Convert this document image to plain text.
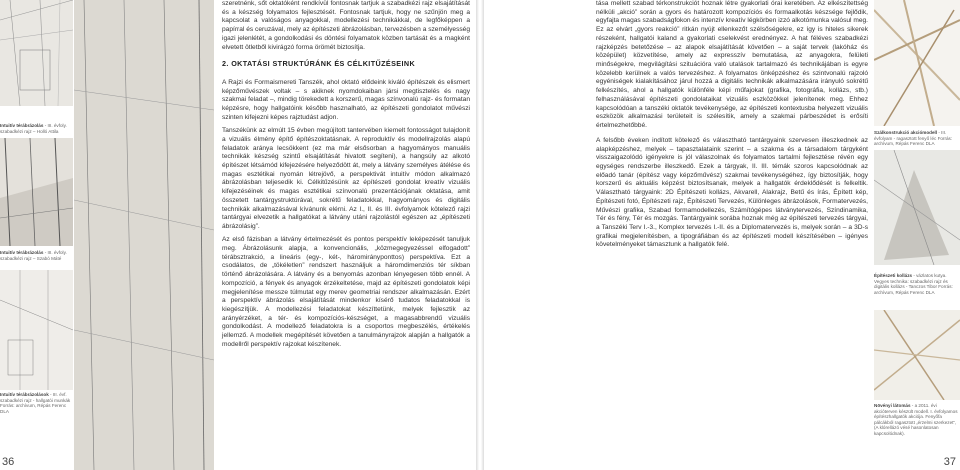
Intuitív térábrázolás - III. évfoly. szabadkézi rajz – Holló Attila
Intuitív térábrázolás - III. évfoly. szabadkézi rajz – Szabó Máté
Intuitív térábrázolások - III. évf. szabadkézi rajz - hallgatói munkák Forrás: archívum, Répás Ferenc DLA

szeretnénk, sőt oktatóként rendkívül fontosnak tartjuk a szabadkézi rajz elsajátítását és a készség folyamatos fejlesztését. Fontosnak tartjuk, hogy ne szűnjön meg a kapcsolat a valóságos anyagokkal, modellezési technikákkal, de legfőképpen a papírral és ceruzával, mely az építészeti ábrázolásban, tervezésben a személyesség igazi jelenlétét, a gondolkodási és döntési folyamatok közben tartását és a magként elvetett ötletből kivirágzó forma örömét biztosítja.

2. OKTATÁSI STRUKTÚRÁNK ÉS CÉLKITŰZÉSEINK

A Rajzi és Formaismereti Tanszék, ahol oktató elődeink kiváló építészek és elismert képzőművészek voltak – s akiknek nyomdokaiban jársi megtisztelés és nagy szakmai feladat –, mindig törekedett a korszerű, magas színvonalú rajz- és formatan képzésre, hogy hallgatóink később hasznalható, az építészeti gondolatot művészi szinten kifejezni képes rajztudást adjon.

Tanszékünk az elmúlt 15 évben megújított tantervében kiemelt fontosságot tulajdonít a vizuális élmény építő építészoktatásnak. A reproduktív és modellrajzolás alapú feladatok aránya lecsökkent (ez ma már elsősorban a hagyományos manuális technikák készség szintű elsajátítását hivatott segíteni), a hangsúly az alkotó építészet létsámód kifejezésére helyeződött át, mely a látvány személyes átélése és magas esztétikai nyomán létrejövő, a perspektivát intuitív módon alkalmazó ábrázolásban teljesedik ki. Célkitűzésünk az építészeti gondolat kreatív vizuális kifejezéséinek és magas esztétikai színvonalú prezentációjának oktatása, amit összetett tantárgystruktúrával, sokrétű feladatokkal, hagyományos és digitális technikák alkalmazásával kívánunk elérni. Az I., II. és III. évfolyamok kötelező rajzi tantárgyai elvezetik a hallgatókat a látvány utáni rajzolástól egészen az „építészeti ábrázolásig”.

Az első fázisban a látvány értelmezését és pontos perspektív leképezését tanuljuk meg. Ábrázolásunk alapja, a konvencionális, „közmegegyezéssel elfogadott” térábsztrakció, a lineáris (egy-, két-, háromirányponttos) perspektíva. Ezt a csodálatos, de „tökéletlen” rendszert használjuk a háromdimenziós tér síkban történő ábrázolására. A látvány és a benyomás azonban lényegesen több ennél. A kompozíció, a fények és anyagok érzékeltetése, majd az építészeti gondolatok képi megjelenítése messze túlmutat egy merev geometriai rendszer alkalmazásán. Ezért a perspektív ábrázolás elsajátítását mindenkor kísérő tudatos feladatokkal is kiegészítjük. A modellezési feladatokat készíttetünk, melyek fejlesztik az arányérzéket, a tér- és kompozíciós-készséget, a magasabbrendű vizuális gondolkodást. A modellező feladatokra is a csoportos megbeszélés, értékelés jellemző. A modellek megépítését követően a tanulmányrajzok alapján a hallgatók a modellről perspektív rajzokat készítenek.

36

tása mellett szabad térkonstrukciót hoznak létre gyakorlati órai keretében. Az elkészítettség nélküli „akció” során a gyors és határozott kompozíciós és formaalkotás készsége fejlődik, egyfajta magas szabadságfokon és intenzív kreatív légkörben izzó alkotómunka valósul meg. Ez az elvárt „gyors reakció” ritkán nyújt ellenkezőt szélsőségekre, ez így is hiteles sikerek részeként, hallgatói kaland a gyakorlati cselekvést erednényez. A hat féléves szabadkézi rajzképzés betetőzése – az alapok elsajátítását követően – a saját tervek (lakóház és középület) közvetítése, amely az expresszív bemutatása, az anyagokra, felületi minőségekre, megvilágítási szituációra való utalások tartalmazó és technikájában is egyre közelebb kerülnek a valós tervezéshez. A folyamatos önképzéshez és szintvonalú rajzoló egyéniségek kialakításához járul hozzá a digitális technikák alkalmazására irányuló sokrétű felkészítés, ahol a hallgatók különféle képi műfajokat (grafika, fotográfia, kollázs, stb.) felhasználásával építészeti gondolataikat vizuális eszközökkel jelenítenek meg. Ehhez kapcsolódóan a tanszéki oktatók tevékenysége, az építészeti kontextusba helyezett vizuális eszközök alkalmazási területeit is szélesítik, amely a szakmai párbeszédet is erősíti értelmezhetőbbé.

A felsőbb éveken indított kötelező és választható tantárgyaink szervesen illeszkednek az alapképzéshez, melyek – tapasztalataink szerint – a szakma és a társadalom tárgyként visszaigazolódó igényekre is jól válaszolnak és folyamatos tartalmi fejlesztése révén egy egységes rendszerbe illeszkedő. Ezek a tárgyak, II. III. témák szoros kapcsolódnak az előadó tanár (építész vagy képzőművész) szakmai tevékenységéhez, így biztosítják, hogy korszerű és aktuális képzést biztosítsanak, melyek a hallgatók érdeklődését is felkeltik. Választható tárgyaink: 2D Építészeti kollázs, Akvarell, Alakrajz, Betű és írás, Épített kép, Építészeti fotó, Építészeti rajz, Építészeti Tervezés, Különleges ábrázolások, Formatervezés, Művészi grafika, Szabad formamodellezés, Számítógépes látványtervezés, Színdinamika, Tér és fény, Tér és mozgás. Tantárgyaink sorába hoznak még az építészeti tervezés tárgyai, a Tanszéki Terv I.-3., Komplex tervezés I.-II. és a Diplomatervezés is, melyek során – a 3D-s grafikai megjelenítésben, a tipográfiában és az építészeti modell készítésében – igényes követelményeket támasztunk a hallgatók felé.

Szálkonstrukció akciómodell - III. évfolyam - ragasztott fenyő léc Forrás: archívum, Répás Ferenc DLA
Építészeti kollázs - vázlatos kutya. Vegyes technika: szabadkézi rajz és digitális kollázs - Tanczos Tibor Forrás: archívum, Répás Ferenc DLA
Növényi látomás - a 2011. évi akcióterven készült modell. I. évfolyamos építészhallgatók akciója. Fenyőfa pálcákból ragasztott „érzelmi szerkezet”, (A klórellázó vésé hasonlatosan kapcsolódnak).
37
